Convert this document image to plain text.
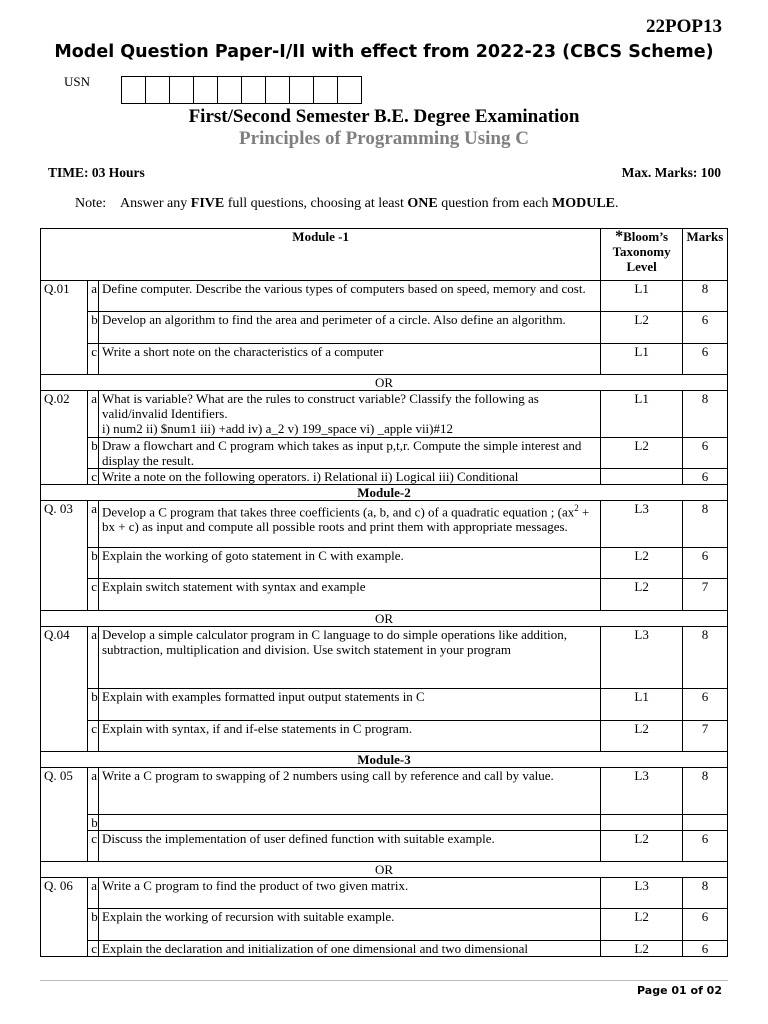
22POP13
Model Question Paper-I/II with effect from 2022-23 (CBCS Scheme)
USN
First/Second Semester B.E. Degree Examination
Principles of Programming Using C
TIME: 03 Hours	Max. Marks: 100
Note: Answer any FIVE full questions, choosing at least ONE question from each MODULE.
Module -1			*Bloom’s
Taxonomy
Level	Marks
Q.01	a	Define computer. Describe the various types of computers based on speed, memory and cost.	L1	8
	b	Develop an algorithm to find the area and perimeter of a circle. Also define an algorithm.	L2	6
	c	Write a short note on the characteristics of a computer	L1	6
OR				
Q.02	a	What is variable? What are the rules to construct variable? Classify the following as valid/invalid Identifiers.
i) num2 ii) $num1 iii) +add iv) a_2 v) 199_space vi) _apple vii)#12	L1	8
	b	Draw a flowchart and C program which takes as input p,t,r. Compute the simple interest and display the result.	L2	6
	c	Write a note on the following operators. i) Relational ii) Logical iii) Conditional		6
Module-2				
Q. 03	a	Develop a C program that takes three coefficients (a, b, and c) of a quadratic equation ; ($ax^2$ + bx + c) as input and compute all possible roots and print them with appropriate messages.	L3	8
	b	Explain the working of goto statement in C with example.	L2	6
	c	Explain switch statement with syntax and example	L2	7
OR				
Q.04	a	Develop a simple calculator program in C language to do simple operations like addition, subtraction, multiplication and division. Use switch statement in your program	L3	8
	b	Explain with examples formatted input output statements in C	L1	6
	c	Explain with syntax, if and if-else statements in C program.	L2	7
Module-3				
Q. 05	a	Write a C program to swapping of 2 numbers using call by reference and call by value.	L3	8
	b			
	c	Discuss the implementation of user defined function with suitable example.	L2	6
OR				
Q. 06	a	Write a C program to find the product of two given matrix.	L3	8
	b	Explain the working of recursion with suitable example.	L2	6
	c	Explain the declaration and initialization of one dimensional and two dimensional	L2	6
Page 01 of 02
